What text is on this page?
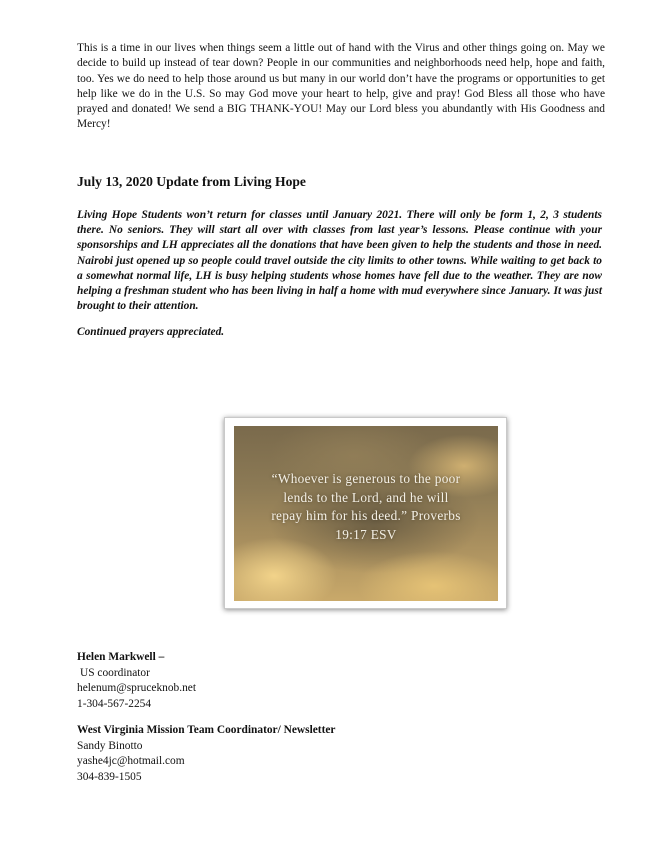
This is a time in our lives when things seem a little out of hand with the Virus and other things going on. May we decide to build up instead of tear down? People in our communities and neighborhoods need help, hope and faith, too. Yes we do need to help those around us but many in our world don’t have the programs or opportunities to get help like we do in the U.S. So may God move your heart to help, give and pray! God Bless all those who have prayed and donated! We send a BIG THANK-YOU! May our Lord bless you abundantly with His Goodness and Mercy!
July 13, 2020 Update from Living Hope
Living Hope Students won’t return for classes until January 2021. There will only be form 1, 2, 3 students there. No seniors. They will start all over with classes from last year’s lessons. Please continue with your sponsorships and LH appreciates all the donations that have been given to help the students and those in need. Nairobi just opened up so people could travel outside the city limits to other towns. While waiting to get back to a somewhat normal life, LH is busy helping students whose homes have fell due to the weather. They are now helping a freshman student who has been living in half a home with mud everywhere since January. It was just brought to their attention.
Continued prayers appreciated.
“Whoever is generous to the poor
lends to the Lord, and he will
repay him for his deed.” Proverbs
19:17 ESV
Helen Markwell –
US coordinator
helenum@spruceknob.net
1-304-567-2254
West Virginia Mission Team Coordinator/ Newsletter
Sandy Binotto
yashe4jc@hotmail.com
304-839-1505
